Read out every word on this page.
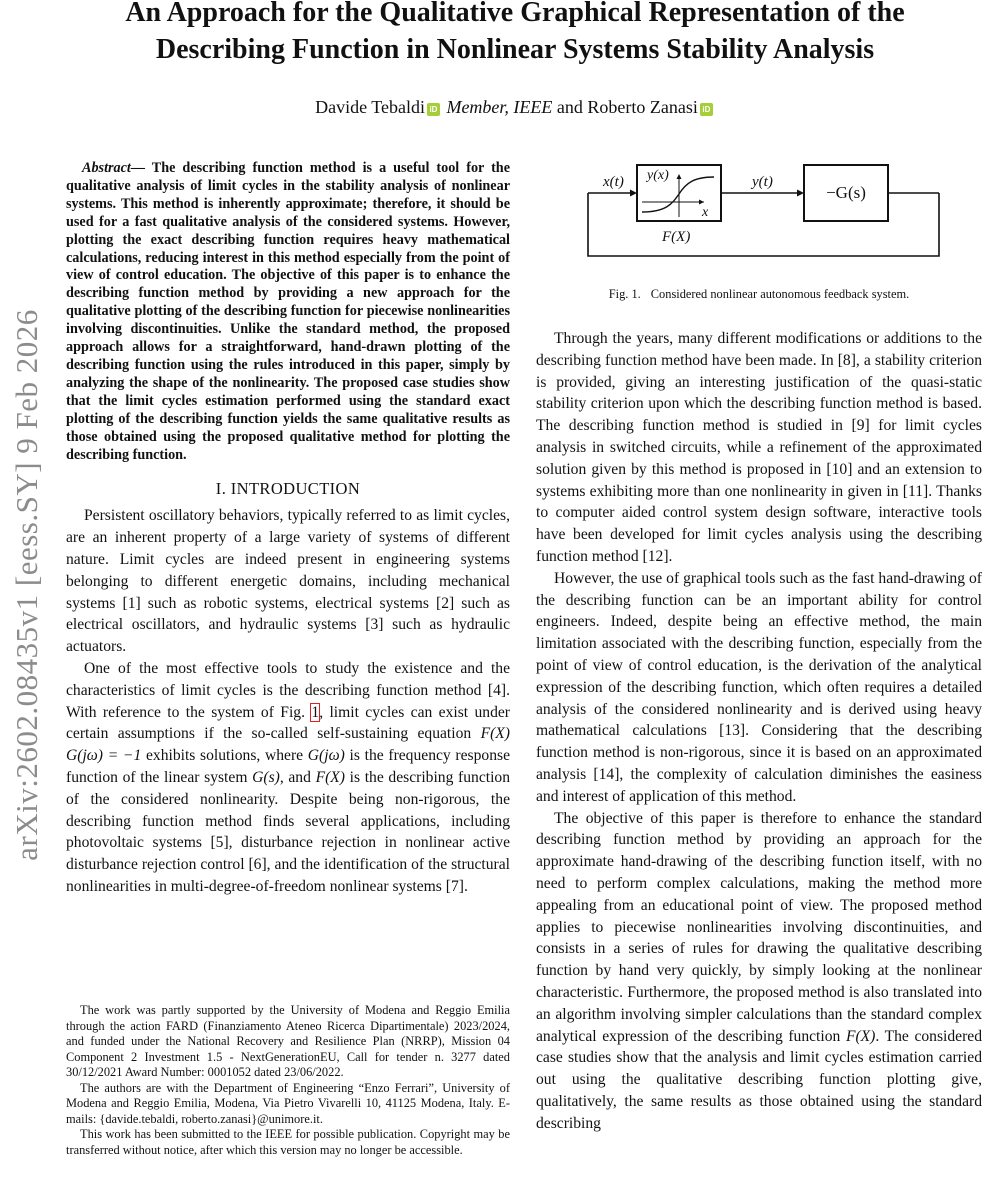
arXiv:2602.08435v1 [eess.SY] 9 Feb 2026
An Approach for the Qualitative Graphical Representation of the Describing Function in Nonlinear Systems Stability Analysis
Davide Tebaldi iD Member, IEEE and Roberto Zanasi iD

Abstract— The describing function method is a useful tool for the qualitative analysis of limit cycles in the stability analysis of nonlinear systems. This method is inherently approximate; therefore, it should be used for a fast qualitative analysis of the considered systems. However, plotting the exact describing function requires heavy mathematical calculations, reducing interest in this method especially from the point of view of control education. The objective of this paper is to enhance the describing function method by providing a new approach for the qualitative plotting of the describing function for piecewise nonlinearities involving discontinuities. Unlike the standard method, the proposed approach allows for a straightforward, hand-drawn plotting of the describing function using the rules introduced in this paper, simply by analyzing the shape of the nonlinearity. The proposed case studies show that the limit cycles estimation performed using the standard exact plotting of the describing function yields the same qualitative results as those obtained using the proposed qualitative method for plotting the describing function.

I. INTRODUCTION

Persistent oscillatory behaviors, typically referred to as limit cycles, are an inherent property of a large variety of systems of different nature. Limit cycles are indeed present in engineering systems belonging to different energetic domains, including mechanical systems [1] such as robotic systems, electrical systems [2] such as electrical oscillators, and hydraulic systems [3] such as hydraulic actuators.

One of the most effective tools to study the existence and the characteristics of limit cycles is the describing function method [4]. With reference to the system of Fig. 1, limit cycles can exist under certain assumptions if the so-called self-sustaining equation F(X) G(jω) = −1 exhibits solutions, where G(jω) is the frequency response function of the linear system G(s), and F(X) is the describing function of the considered nonlinearity. Despite being non-rigorous, the describing function method finds several applications, including photovoltaic systems [5], disturbance rejection in nonlinear active disturbance rejection control [6], and the identification of the structural nonlinearities in multi-degree-of-freedom nonlinear systems [7].

The work was partly supported by the University of Modena and Reggio Emilia through the action FARD (Finanziamento Ateneo Ricerca Dipartimentale) 2023/2024, and funded under the National Recovery and Resilience Plan (NRRP), Mission 04 Component 2 Investment 1.5 - NextGenerationEU, Call for tender n. 3277 dated 30/12/2021 Award Number: 0001052 dated 23/06/2022.

The authors are with the Department of Engineering “Enzo Ferrari”, University of Modena and Reggio Emilia, Modena, Via Pietro Vivarelli 10, 41125 Modena, Italy. E-mails: {davide.tebaldi, roberto.zanasi}@unimore.it.

This work has been submitted to the IEEE for possible publication. Copyright may be transferred without notice, after which this version may no longer be accessible.

x(t) y(x)
x
y(t)
F(X)
−G(s)

Fig. 1. Considered nonlinear autonomous feedback system.

Through the years, many different modifications or additions to the describing function method have been made. In [8], a stability criterion is provided, giving an interesting justification of the quasi-static stability criterion upon which the describing function method is based. The describing function method is studied in [9] for limit cycles analysis in switched circuits, while a refinement of the approximated solution given by this method is proposed in [10] and an extension to systems exhibiting more than one nonlinearity in given in [11]. Thanks to computer aided control system design software, interactive tools have been developed for limit cycles analysis using the describing function method [12].

However, the use of graphical tools such as the fast hand-drawing of the describing function can be an important ability for control engineers. Indeed, despite being an effective method, the main limitation associated with the describing function, especially from the point of view of control education, is the derivation of the analytical expression of the describing function, which often requires a detailed analysis of the considered nonlinearity and is derived using heavy mathematical calculations [13]. Considering that the describing function method is non-rigorous, since it is based on an approximated analysis [14], the complexity of calculation diminishes the easiness and interest of application of this method.

The objective of this paper is therefore to enhance the standard describing function method by providing an approach for the approximate hand-drawing of the describing function itself, with no need to perform complex calculations, making the method more appealing from an educational point of view. The proposed method applies to piecewise nonlinearities involving discontinuities, and consists in a series of rules for drawing the qualitative describing function by hand very quickly, by simply looking at the nonlinear characteristic. Furthermore, the proposed method is also translated into an algorithm involving simpler calculations than the standard complex analytical expression of the describing function F(X). The considered case studies show that the analysis and limit cycles estimation carried out using the qualitative describing function plotting give, qualitatively, the same results as those obtained using the standard describing
